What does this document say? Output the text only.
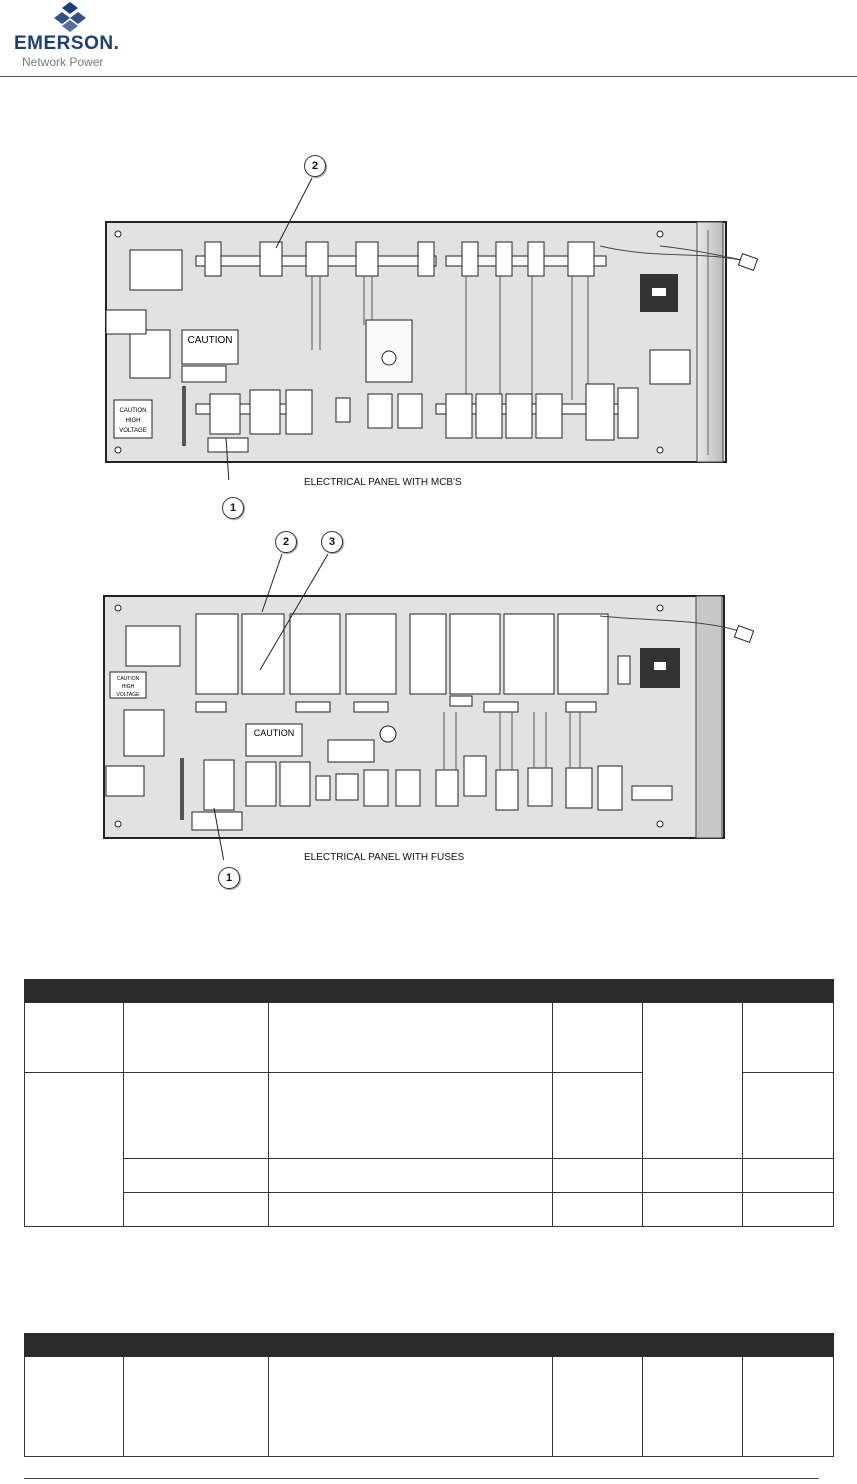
EMERSON.
Network Power
CAUTION
CAUTION
HIGH
VOLTAGE
2
1
ELECTRICAL PANEL WITH MCB'S
CAUTION
HIGH
VOLTAGE
CAUTION
2	3
1
ELECTRICAL PANEL WITH FUSES
